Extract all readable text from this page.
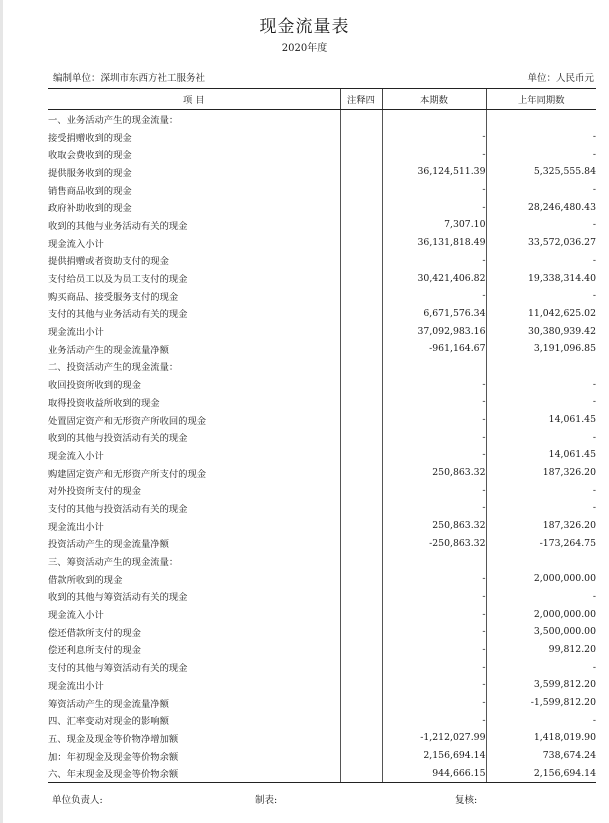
现金流量表
2020年度
编制单位：深圳市东西方社工服务社	单位：人民币元
项 目	注释四	本期数	上年同期数
一、业务活动产生的现金流量：			
接受捐赠收到的现金		-	-
收取会费收到的现金		-	-
提供服务收到的现金		36,124,511.39	5,325,555.84
销售商品收到的现金		-	-
政府补助收到的现金		-	28,246,480.43
收到的其他与业务活动有关的现金		7,307.10	-
现金流入小计		36,131,818.49	33,572,036.27
提供捐赠或者资助支付的现金		-	-
支付给员工以及为员工支付的现金		30,421,406.82	19,338,314.40
购买商品、接受服务支付的现金		-	-
支付的其他与业务活动有关的现金		6,671,576.34	11,042,625.02
现金流出小计		37,092,983.16	30,380,939.42
业务活动产生的现金流量净额		-961,164.67	3,191,096.85
二、投资活动产生的现金流量：			
收回投资所收到的现金		-	-
取得投资收益所收到的现金		-	-
处置固定资产和无形资产所收回的现金		-	14,061.45
收到的其他与投资活动有关的现金		-	-
现金流入小计		-	14,061.45
购建固定资产和无形资产所支付的现金		250,863.32	187,326.20
对外投资所支付的现金		-	-
支付的其他与投资活动有关的现金		-	-
现金流出小计		250,863.32	187,326.20
投资活动产生的现金流量净额		-250,863.32	-173,264.75
三、筹资活动产生的现金流量：			
借款所收到的现金		-	2,000,000.00
收到的其他与筹资活动有关的现金		-	-
现金流入小计		-	2,000,000.00
偿还借款所支付的现金		-	3,500,000.00
偿还利息所支付的现金		-	99,812.20
支付的其他与筹资活动有关的现金		-	-
现金流出小计		-	3,599,812.20
筹资活动产生的现金流量净额		-	-1,599,812.20
四、汇率变动对现金的影响额		-	-
五、现金及现金等价物净增加额		-1,212,027.99	1,418,019.90
加：年初现金及现金等价物余额		2,156,694.14	738,674.24
六、年末现金及现金等价物余额		944,666.15	2,156,694.14
单位负责人:	制表:	复核:
